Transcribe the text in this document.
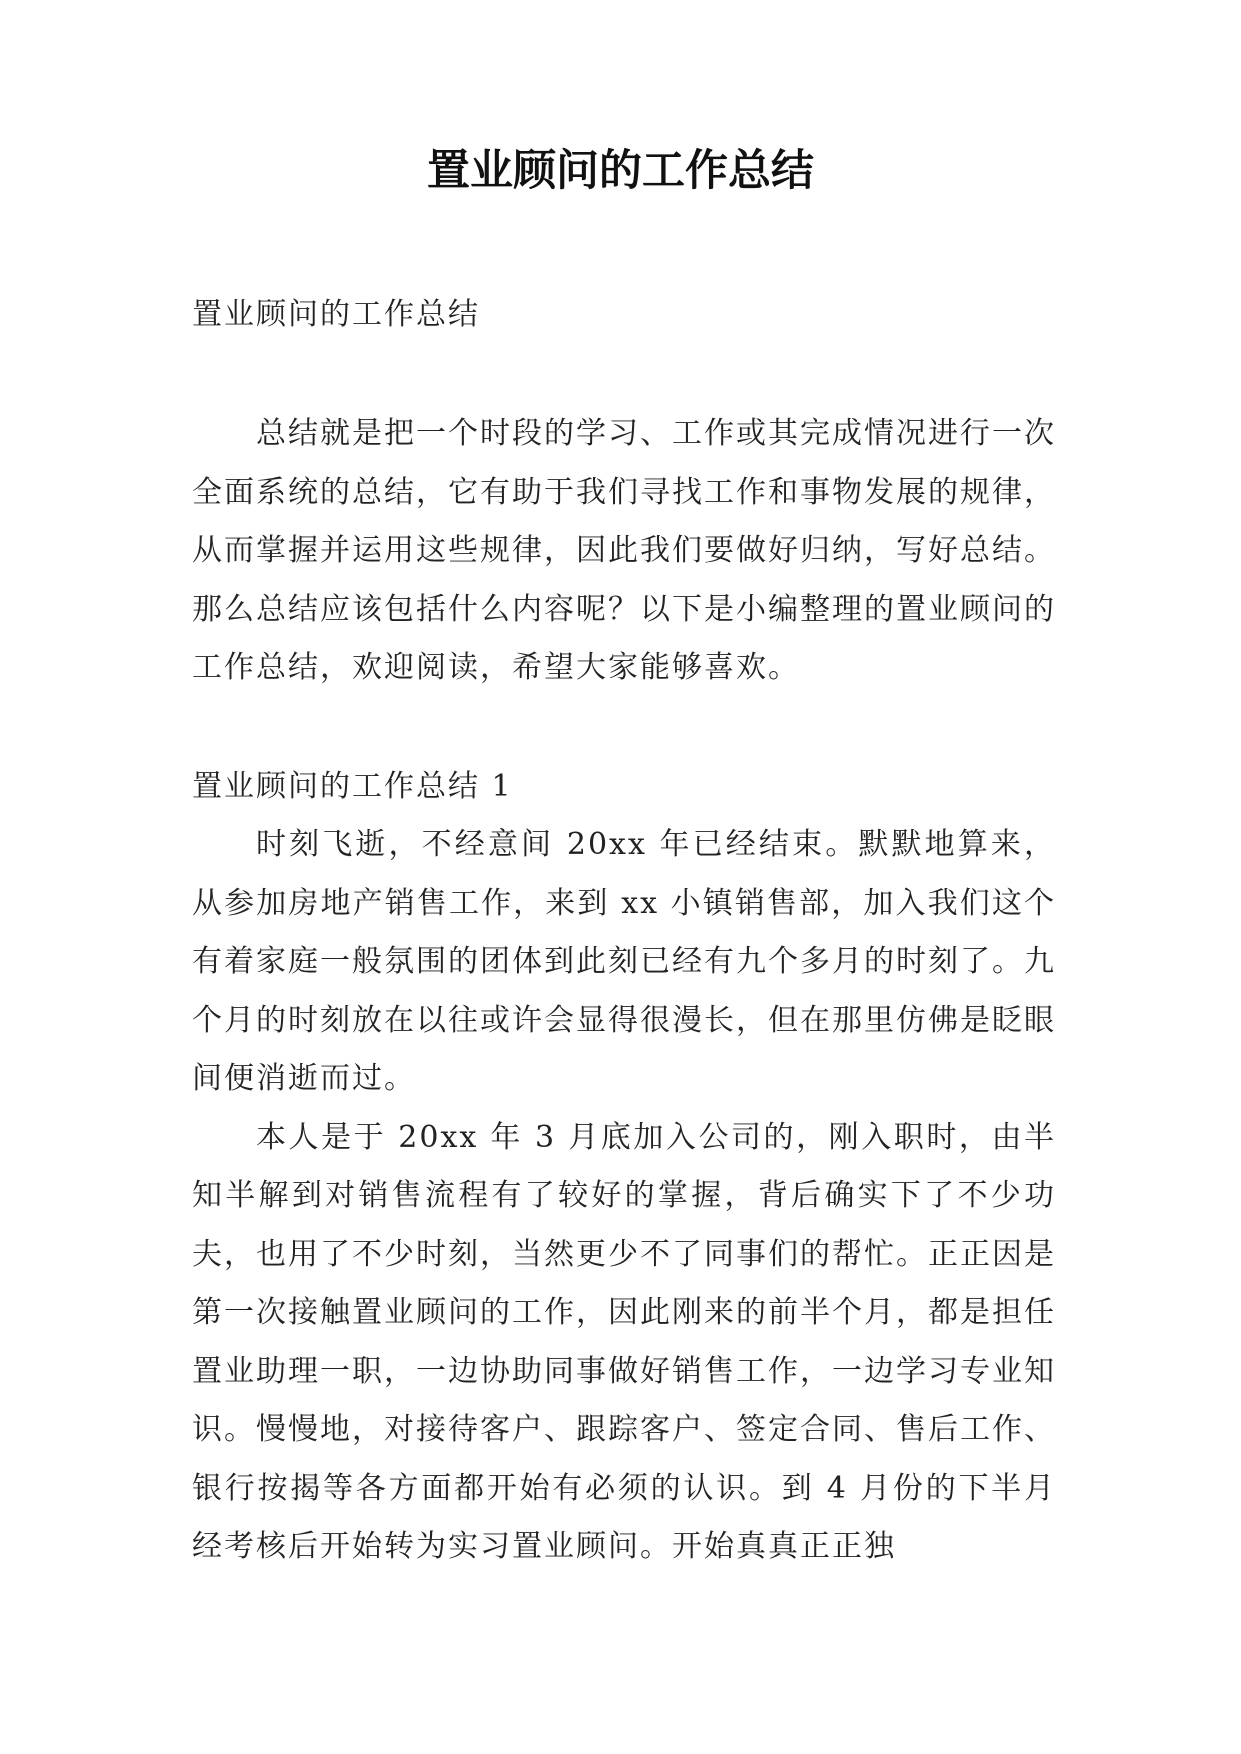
置业顾问的工作总结
置业顾问的工作总结

总结就是把一个时段的学习、工作或其完成情况进行一次全面系统的总结，它有助于我们寻找工作和事物发展的规律，从而掌握并运用这些规律，因此我们要做好归纳，写好总结。那么总结应该包括什么内容呢？以下是小编整理的置业顾问的工作总结，欢迎阅读，希望大家能够喜欢。

置业顾问的工作总结 1

时刻飞逝，不经意间 20xx 年已经结束。默默地算来，从参加房地产销售工作，来到 xx 小镇销售部，加入我们这个有着家庭一般氛围的团体到此刻已经有九个多月的时刻了。九个月的时刻放在以往或许会显得很漫长，但在那里仿佛是眨眼间便消逝而过。

本人是于 20xx 年 3 月底加入公司的，刚入职时，由半知半解到对销售流程有了较好的掌握，背后确实下了不少功夫，也用了不少时刻，当然更少不了同事们的帮忙。正正因是第一次接触置业顾问的工作，因此刚来的前半个月，都是担任置业助理一职，一边协助同事做好销售工作，一边学习专业知识。慢慢地，对接待客户、跟踪客户、签定合同、售后工作、银行按揭等各方面都开始有必须的认识。到 4 月份的下半月经考核后开始转为实习置业顾问。开始真真正正独
